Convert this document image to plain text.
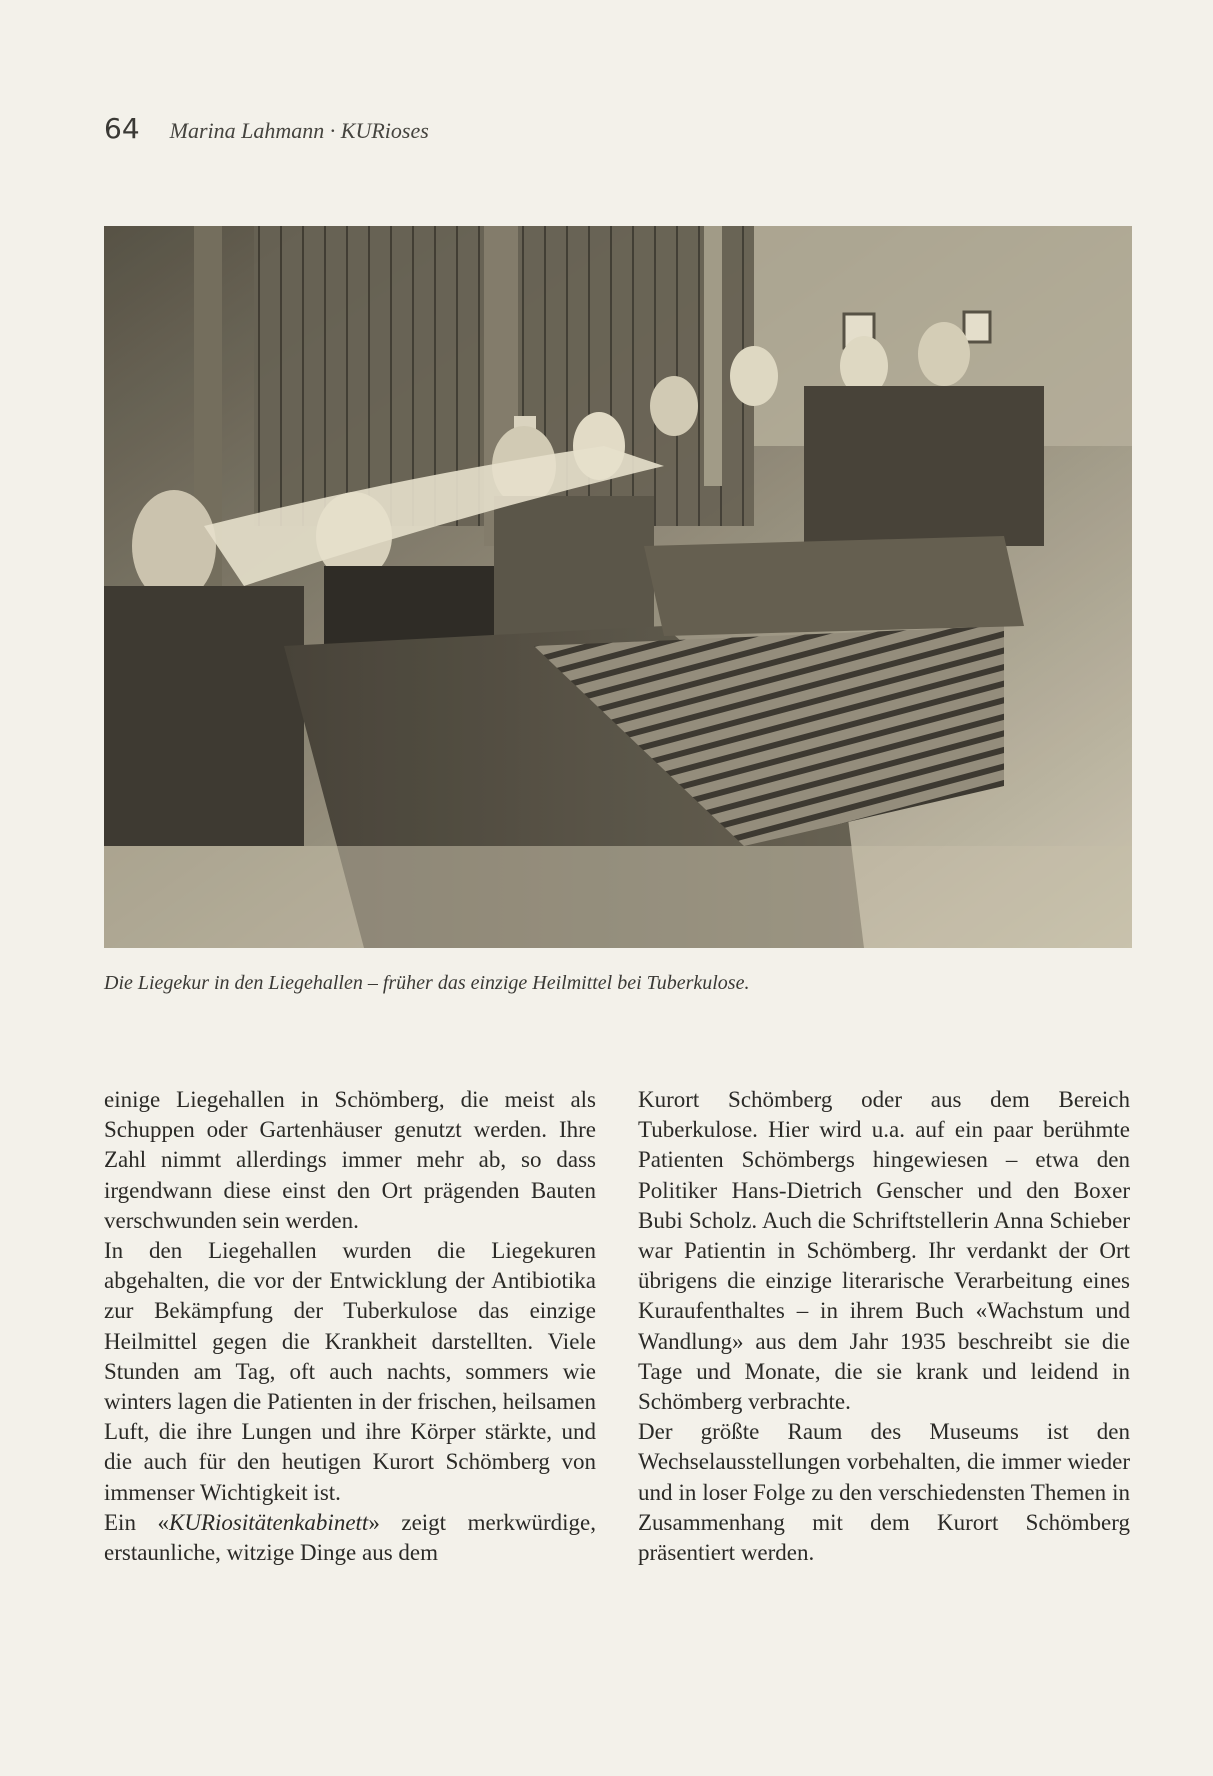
64 Marina Lahmann · KURioses
Die Liegekur in den Liegehallen – früher das einzige Heilmittel bei Tuberkulose.

einige Liegehallen in Schömberg, die meist als Schuppen oder Gartenhäuser genutzt werden. Ihre Zahl nimmt allerdings immer mehr ab, so dass irgendwann diese einst den Ort prägenden Bauten verschwunden sein werden.

In den Liegehallen wurden die Liegekuren abgehalten, die vor der Entwicklung der Antibiotika zur Bekämpfung der Tuberkulose das einzige Heilmittel gegen die Krankheit darstellten. Viele Stunden am Tag, oft auch nachts, sommers wie winters lagen die Patienten in der frischen, heilsamen Luft, die ihre Lungen und ihre Körper stärkte, und die auch für den heutigen Kurort Schömberg von immenser Wichtigkeit ist.

Ein «KURiositätenkabinett» zeigt merkwürdige, erstaunliche, witzige Dinge aus dem

Kurort Schömberg oder aus dem Bereich Tuberkulose. Hier wird u.a. auf ein paar berühmte Patienten Schömbergs hingewiesen – etwa den Politiker Hans-Dietrich Genscher und den Boxer Bubi Scholz. Auch die Schriftstellerin Anna Schieber war Patientin in Schömberg. Ihr verdankt der Ort übrigens die einzige literarische Verarbeitung eines Kuraufenthaltes – in ihrem Buch «Wachstum und Wandlung» aus dem Jahr 1935 beschreibt sie die Tage und Monate, die sie krank und leidend in Schömberg verbrachte.

Der größte Raum des Museums ist den Wechselausstellungen vorbehalten, die immer wieder und in loser Folge zu den verschiedensten Themen in Zusammenhang mit dem Kurort Schömberg präsentiert werden.
